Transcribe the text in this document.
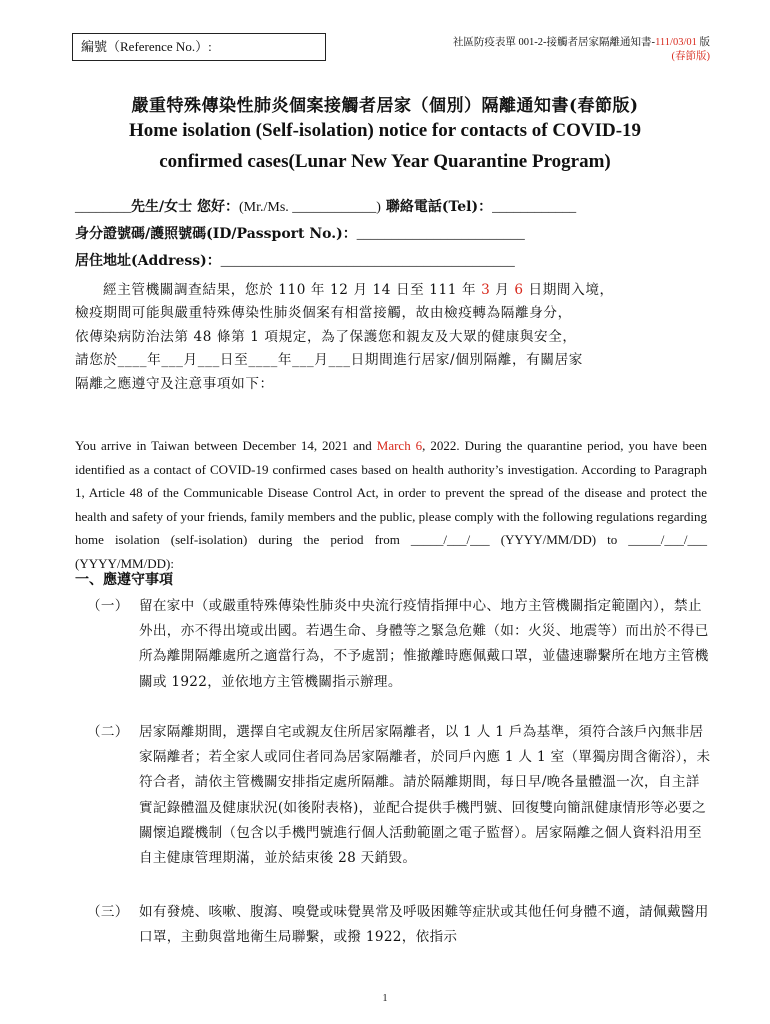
編號（Reference No.）:	社區防疫表單 001-2-接觸者居家隔離通知書-111/03/01 版
(春節版)
嚴重特殊傳染性肺炎個案接觸者居家（個別）隔離通知書(春節版)
Home isolation (Self-isolation) notice for contacts of COVID-19
confirmed cases(Lunar New Year Quarantine Program)
________先生/女士 您好：(Mr./Ms. ____________) 聯絡電話(Tel)：____________
身分證號碼/護照號碼(ID/Passport No.)：________________________
居住地址(Address)：__________________________________________
經主管機關調查結果，您於 110 年 12 月 14 日至 111 年 3 月 6 日期間入境，
檢疫期間可能與嚴重特殊傳染性肺炎個案有相當接觸，故由檢疫轉為隔離身分，
依傳染病防治法第 48 條第 1 項規定，為了保護您和親友及大眾的健康與安全，
請您於____年___月___日至____年___月___日期間進行居家/個別隔離，有關居家
隔離之應遵守及注意事項如下：
You arrive in Taiwan between December 14, 2021 and March 6, 2022. During the quarantine period, you have been identified as a contact of COVID-19 confirmed cases based on health authority’s investigation. According to Paragraph 1, Article 48 of the Communicable Disease Control Act, in order to prevent the spread of the disease and protect the health and safety of your friends, family members and the public, please comply with the following regulations regarding home isolation (self-isolation) during the period from _____/___/___ (YYYY/MM/DD) to _____/___/___ (YYYY/MM/DD):
一、應遵守事項
（一） 留在家中（或嚴重特殊傳染性肺炎中央流行疫情指揮中心、地方主管機關指定範圍內），禁止外出，亦不得出境或出國。若遇生命、身體等之緊急危難（如：火災、地震等）而出於不得已所為離開隔離處所之適當行為，不予處罰；惟撤離時應佩戴口罩，並儘速聯繫所在地方主管機關或 1922，並依地方主管機關指示辦理。
（二） 居家隔離期間，選擇自宅或親友住所居家隔離者，以 1 人 1 戶為基準，須符合該戶內無非居家隔離者；若全家人或同住者同為居家隔離者，於同戶內應 1 人 1 室（單獨房間含衛浴），未符合者，請依主管機關安排指定處所隔離。請於隔離期間，每日早/晚各量體溫一次，自主詳實記錄體溫及健康狀況(如後附表格)，並配合提供手機門號、回復雙向簡訊健康情形等必要之關懷追蹤機制（包含以手機門號進行個人活動範圍之電子監督）。居家隔離之個人資料沿用至自主健康管理期滿，並於結束後 28 天銷毀。
（三） 如有發燒、咳嗽、腹瀉、嗅覺或味覺異常及呼吸困難等症狀或其他任何身體不適，請佩戴醫用口罩，主動與當地衛生局聯繫，或撥 1922，依指示
1
